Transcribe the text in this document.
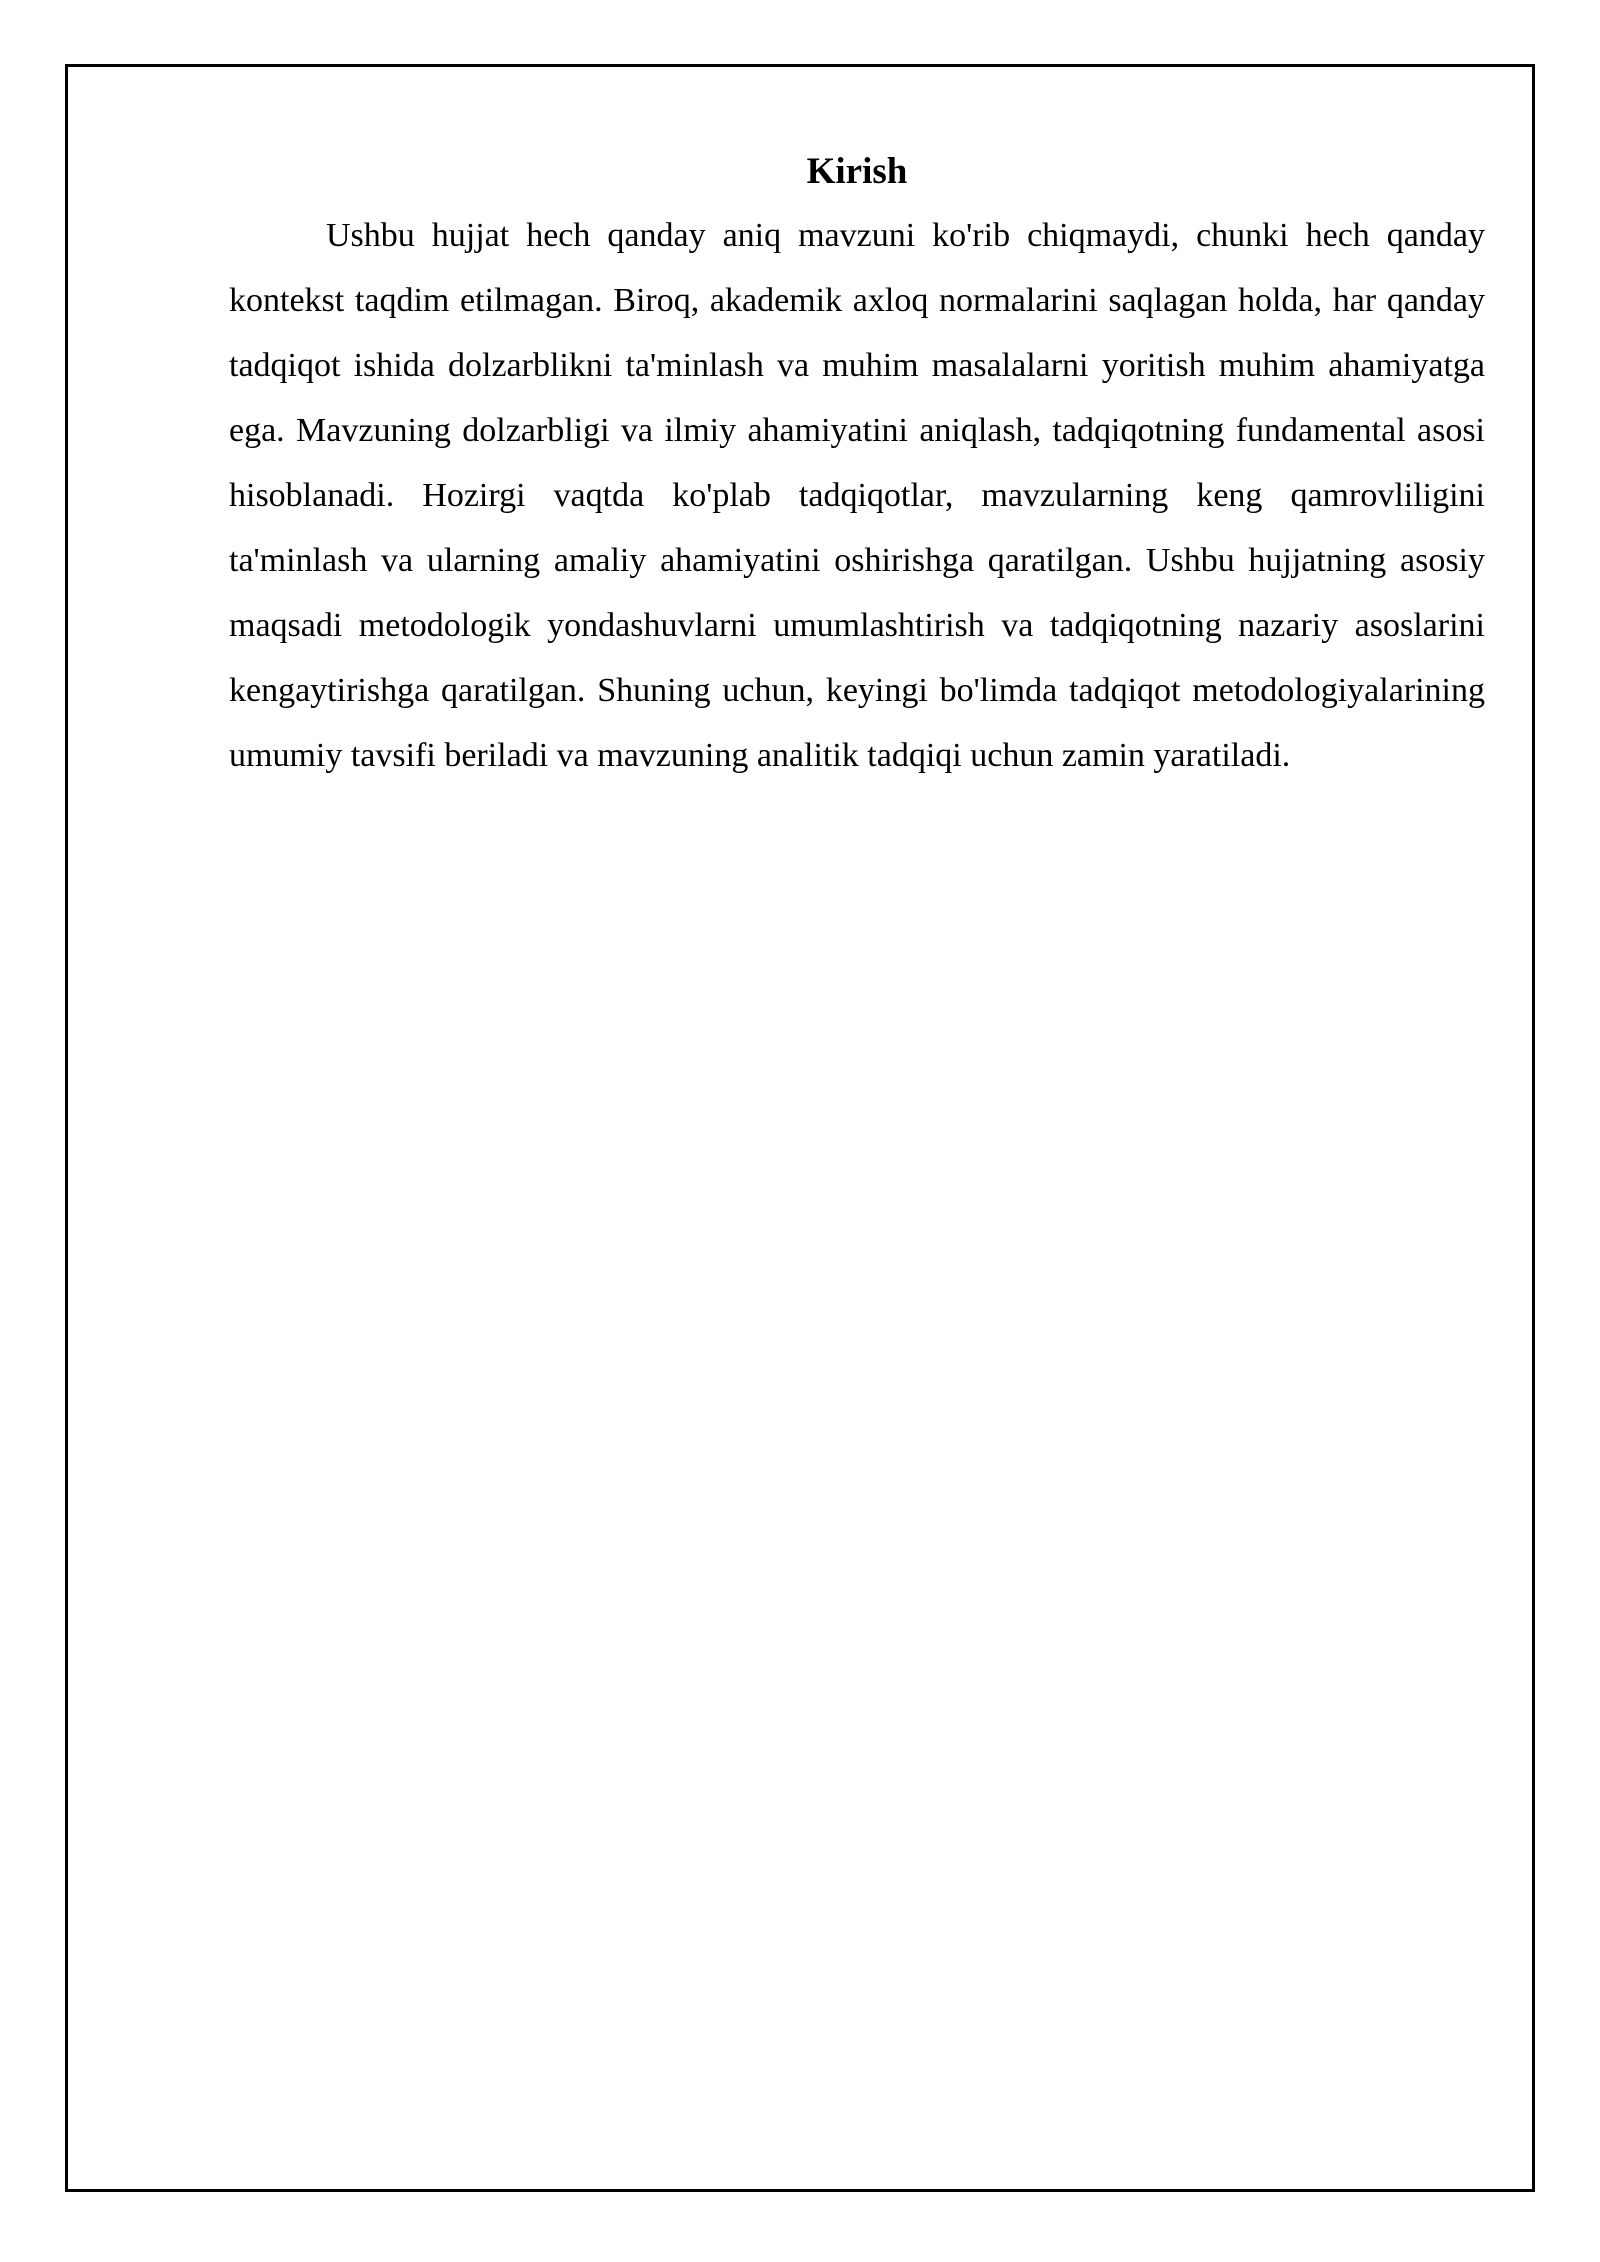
Kirish

Ushbu hujjat hech qanday aniq mavzuni ko'rib chiqmaydi, chunki hech qanday kontekst taqdim etilmagan. Biroq, akademik axloq normalarini saqlagan holda, har qanday tadqiqot ishida dolzarblikni ta'minlash va muhim masalalarni yoritish muhim ahamiyatga ega. Mavzuning dolzarbligi va ilmiy ahamiyatini aniqlash, tadqiqotning fundamental asosi hisoblanadi. Hozirgi vaqtda ko'plab tadqiqotlar, mavzularning keng qamrovliligini ta'minlash va ularning amaliy ahamiyatini oshirishga qaratilgan. Ushbu hujjatning asosiy maqsadi metodologik yondashuvlarni umumlashtirish va tadqiqotning nazariy asoslarini kengaytirishga qaratilgan. Shuning uchun, keyingi bo'limda tadqiqot metodologiyalarining umumiy tavsifi beriladi va mavzuning analitik tadqiqi uchun zamin yaratiladi.
